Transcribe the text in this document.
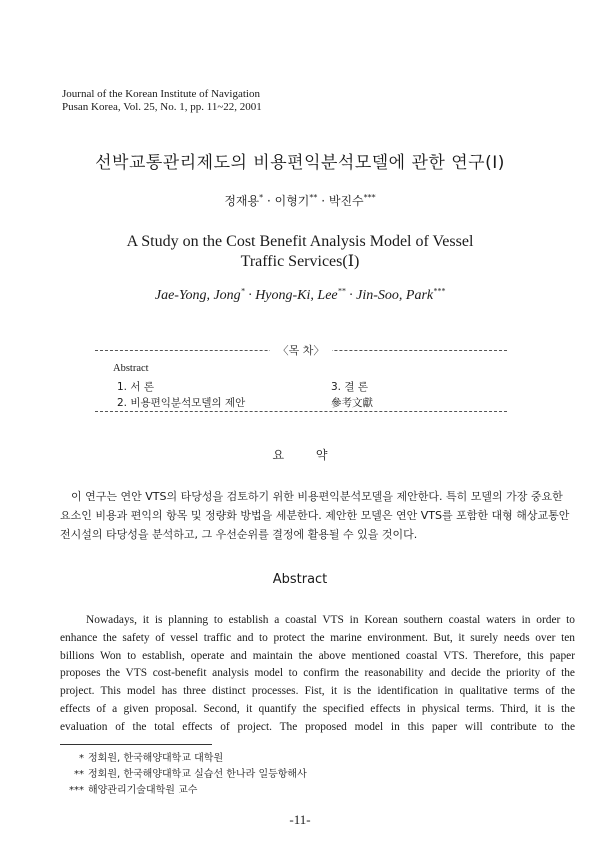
Journal of the Korean Institute of Navigation
Pusan Korea, Vol. 25, No. 1, pp. 11~22, 2001
선박교통관리제도의 비용편익분석모델에 관한 연구(Ⅰ)
정재용* · 이형기** · 박진수***
A Study on the Cost Benefit Analysis Model of Vessel
Traffic Services(Ⅰ)
Jae-Yong, Jong* · Hyong-Ki, Lee** · Jin-Soo, Park***
〈목 차〉
Abstract
1. 서 론
2. 비용편익분석모델의 제안
3. 결 론
參考文獻
요 약
이 연구는 연안 VTS의 타당성을 검토하기 위한 비용편익분석모델을 제안한다. 특히 모델의 가장 중요한
요소인 비용과 편익의 항목 및 정량화 방법을 세분한다. 제안한 모델은 연안 VTS를 포함한 대형 해상교통안
전시설의 타당성을 분석하고, 그 우선순위를 결정에 활용될 수 있을 것이다.
Abstract
Nowadays, it is planning to establish a coastal VTS in Korean southern coastal waters in order to
enhance the safety of vessel traffic and to protect the marine environment. But, it surely needs over ten
billions Won to establish, operate and maintain the above mentioned coastal VTS. Therefore, this paper
proposes the VTS cost-benefit analysis model to confirm the reasonability and decide the priority of the
project. This model has three distinct processes. Fist, it is the identification in qualitative terms of the
effects of a given proposal. Second, it quantify the specified effects in physical terms. Third, it is the
evaluation of the total effects of project. The proposed model in this paper will contribute to the
* 정회원, 한국해양대학교 대학원
** 정회원, 한국해양대학교 실습선 한나라 일등항해사
*** 해양관리기술대학원 교수
-11-
